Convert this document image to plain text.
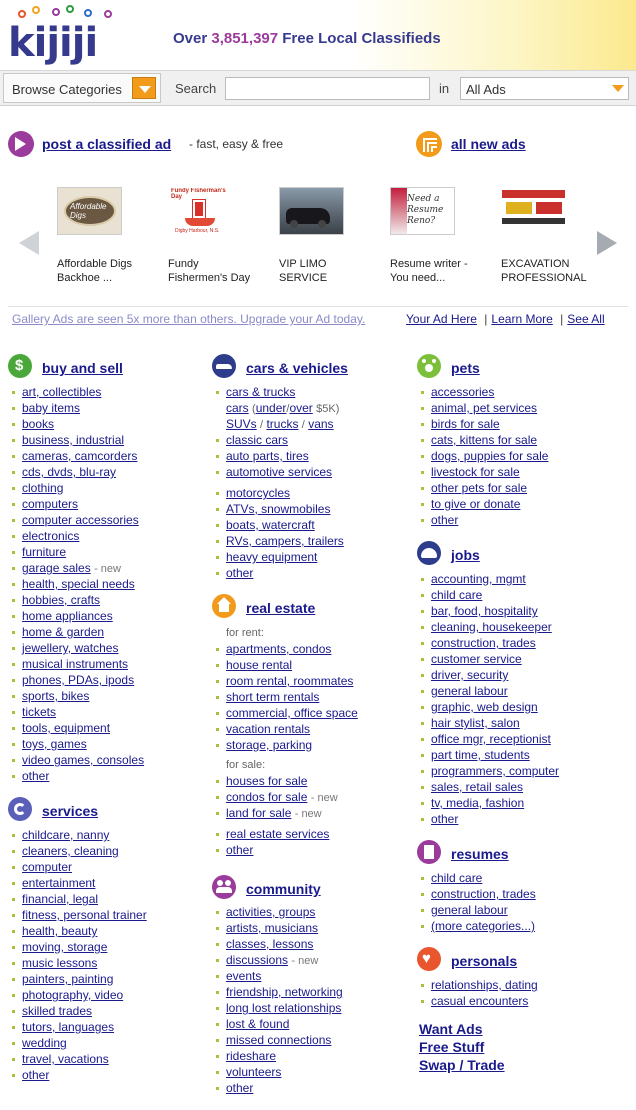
kijiji	Over 3,851,397 Free Local Classifieds
Browse Categories	Search	in All Ads
post a classified ad - fast, easy & free	all new ads
Affordable Digs
Affordable Digs
Backhoe ...
Fundy Fisherman's Day
Digby Harbour, N.S.
Fundy
Fishermen's Day
VIP LIMO
SERVICE
Need a Resume Reno?
Resume writer -
You need...
EXCAVATION
PROFESSIONAL
Gallery Ads are seen 5x more than others. Upgrade your Ad today.	Your Ad Here | Learn More | See All
$ buy and sell
art, collectibles
baby items
books
business, industrial
cameras, camcorders
cds, dvds, blu-ray
clothing
computers
computer accessories
electronics
furniture
garage sales - new
health, special needs
hobbies, crafts
home appliances
home & garden
jewellery, watches
musical instruments
phones, PDAs, ipods
sports, bikes
tickets
tools, equipment
toys, games
video games, consoles
other
services
childcare, nanny
cleaners, cleaning
computer
entertainment
financial, legal
fitness, personal trainer
health, beauty
moving, storage
music lessons
painters, painting
photography, video
skilled trades
tutors, languages
wedding
travel, vacations
other
cars & vehicles
cars & trucks
cars (under/over $5K)
SUVs / trucks / vans
classic cars
auto parts, tires
automotive services
motorcycles
ATVs, snowmobiles
boats, watercraft
RVs, campers, trailers
heavy equipment
other
real estate
for rent:
apartments, condos
house rental
room rental, roommates
short term rentals
commercial, office space
vacation rentals
storage, parking
for sale:
houses for sale
condos for sale - new
land for sale - new
real estate services
other
community
activities, groups
artists, musicians
classes, lessons
discussions - new
events
friendship, networking
long lost relationships
lost & found
missed connections
rideshare
volunteers
other
pets
accessories
animal, pet services
birds for sale
cats, kittens for sale
dogs, puppies for sale
livestock for sale
other pets for sale
to give or donate
other
jobs
accounting, mgmt
child care
bar, food, hospitality
cleaning, housekeeper
construction, trades
customer service
driver, security
general labour
graphic, web design
hair stylist, salon
office mgr, receptionist
part time, students
programmers, computer
sales, retail sales
tv, media, fashion
other
resumes
child care
construction, trades
general labour
(more categories...)
♥ personals
relationships, dating
casual encounters
Want Ads
Free Stuff
Swap / Trade
